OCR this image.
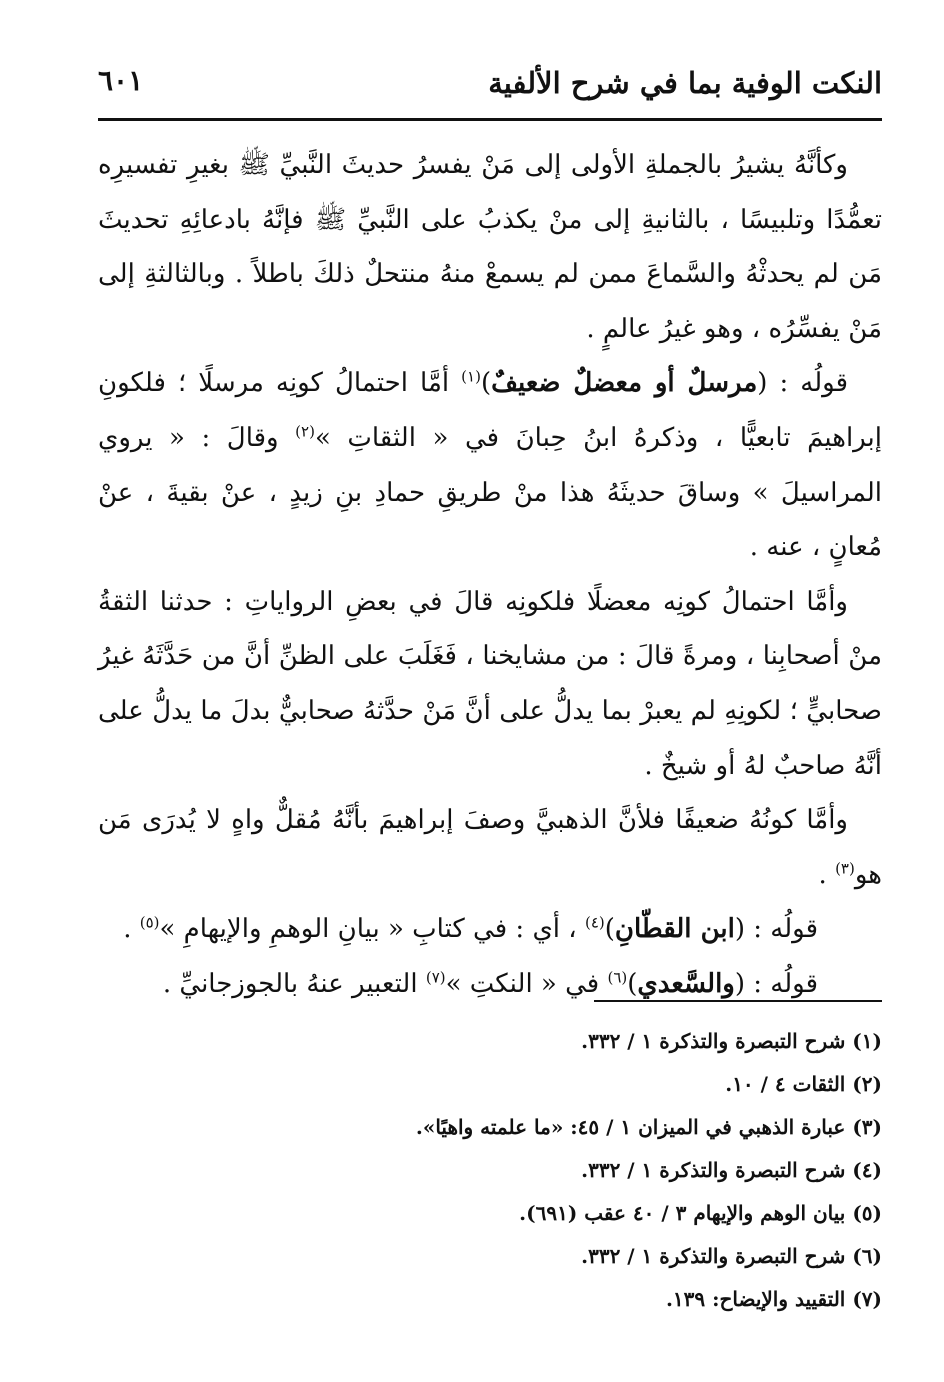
النكت الوفية بما في شرح الألفية
٦٠١

وكأنَّهُ يشيرُ بالجملةِ الأولى إلى مَنْ يفسرُ حديثَ النَّبيِّ ﷺ بغيرِ تفسيرِه تعمُّدًا وتلبيسًا ، بالثانيةِ إلى منْ يكذبُ على النَّبيِّ ﷺ فإنَّهُ بادعائِهِ تحديثَ مَن لم يحدثْهُ والسَّماعَ ممن لم يسمعْ منهُ منتحلٌ ذلكَ باطلاً . وبالثالثةِ إلى مَنْ يفسِّرُه ، وهو غيرُ عالمٍ .

قولُه : (مرسلٌ أو معضلٌ ضعيفٌ)$^{(١)}$ أمَّا احتمالُ كونِه مرسلًا ؛ فلكونِ إبراهيمَ تابعيًّا ، وذكرهُ ابنُ حِبانَ في « الثقاتِ »$^{(٢)}$ وقالَ : « يروي المراسيلَ » وساقَ حديثَهُ هذا منْ طريقِ حمادِ بنِ زيدٍ ، عنْ بقيةَ ، عنْ مُعانٍ ، عنه .

وأمَّا احتمالُ كونِه معضلًا فلكونِه قالَ في بعضِ الرواياتِ : حدثنا الثقةُ منْ أصحابِنا ، ومرةً قالَ : من مشايخنا ، فَغَلَبَ على الظنِّ أنَّ من حَدَّثَهُ غيرُ صحابيٍّ ؛ لكونِهِ لم يعبرْ بما يدلُّ على أنَّ مَنْ حدَّثهُ صحابيٌّ بدلَ ما يدلُّ على أنَّهُ صاحبٌ لهُ أو شيخٌ .

وأمَّا كونُهُ ضعيفًا فلأنَّ الذهبيَّ وصفَ إبراهيمَ بأنَّهُ مُقلٌّ واهٍ لا يُدرَى مَن هو$^{(٣)}$ .

قولُه : (ابن القطّانِ)$^{(٤)}$ ، أي : في كتابِ « بيانِ الوهمِ والإيهامِ »$^{(٥)}$ .

قولُه : (والسَّعدي)$^{(٦)}$ في « النكتِ »$^{(٧)}$ التعبير عنهُ بالجوزجانيِّ .

(١) شرح التبصرة والتذكرة ١ / ٣٣٢.
(٢) الثقات ٤ / ١٠.
(٣) عبارة الذهبي في الميزان ١ / ٤٥: «ما علمته واهيًا».
(٤) شرح التبصرة والتذكرة ١ / ٣٣٢.
(٥) بيان الوهم والإيهام ٣ / ٤٠ عقب (٦٩١).
(٦) شرح التبصرة والتذكرة ١ / ٣٣٢.
(٧) التقييد والإيضاح: ١٣٩.
